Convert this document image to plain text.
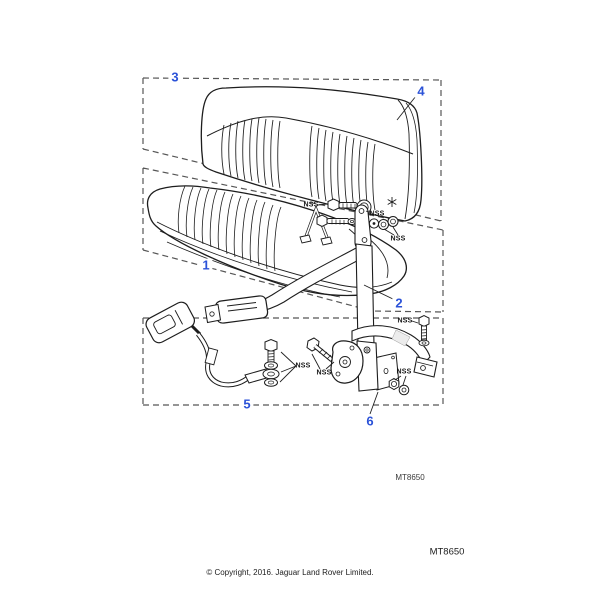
1
2
3
4
5
6
NSS
NSS
NSS
NSS
NSS
NSS
NSS
MT8650
MT8650
© Copyright, 2016. Jaguar Land Rover Limited.
